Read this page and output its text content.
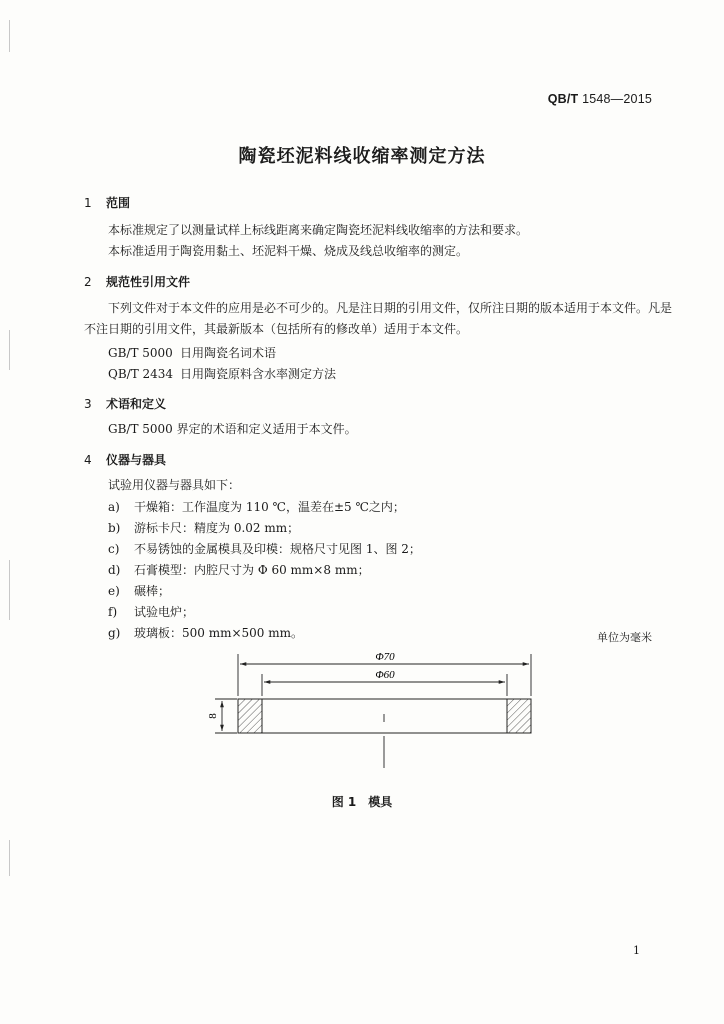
QB/T 1548—2015
陶瓷坯泥料线收缩率测定方法
1 范围
本标准规定了以测量试样上标线距离来确定陶瓷坯泥料线收缩率的方法和要求。
本标准适用于陶瓷用黏土、坯泥料干燥、烧成及线总收缩率的测定。
2 规范性引用文件
下列文件对于本文件的应用是必不可少的。凡是注日期的引用文件，仅所注日期的版本适用于本文件。凡是不注日期的引用文件，其最新版本（包括所有的修改单）适用于本文件。
GB/T 5000 日用陶瓷名词术语
QB/T 2434 日用陶瓷原料含水率测定方法
3 术语和定义
GB/T 5000 界定的术语和定义适用于本文件。
4 仪器与器具
试验用仪器与器具如下：
a) 干燥箱：工作温度为 110 ℃，温差在±5 ℃之内；
b) 游标卡尺：精度为 0.02 mm；
c) 不易锈蚀的金属模具及印模：规格尺寸见图 1、图 2；
d) 石膏模型：内腔尺寸为 Φ 60 mm×8 mm；
e) 碾棒；
f) 试验电炉；
g) 玻璃板：500 mm×500 mm。	单位为毫米
Φ70
Φ60
8
图 1　模具
1
